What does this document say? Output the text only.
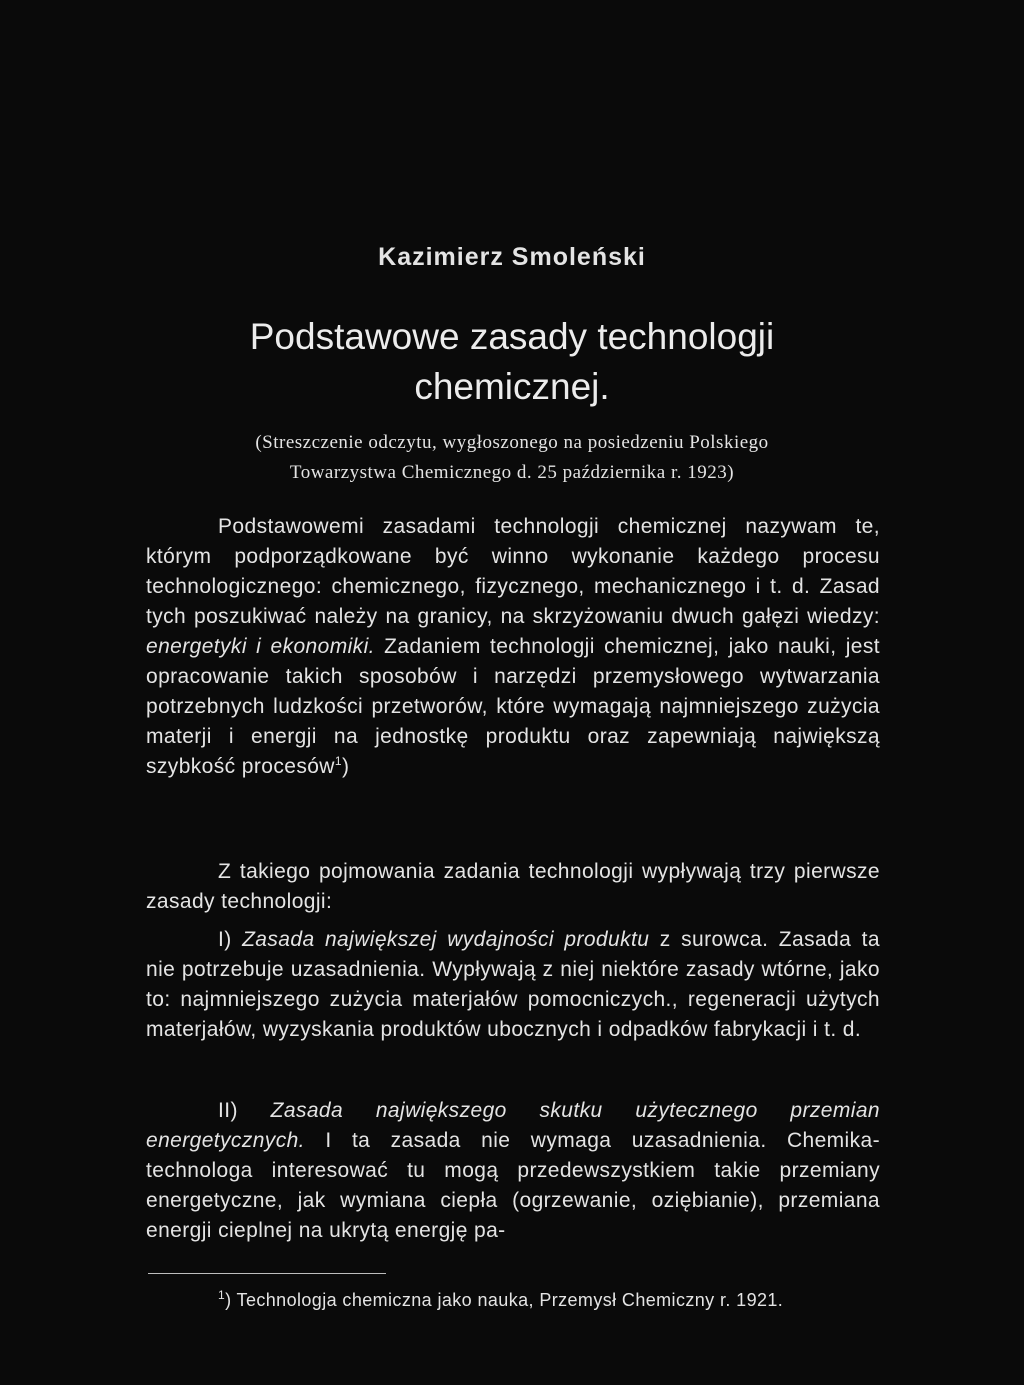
Kazimierz Smoleński
Podstawowe zasady technologji
chemicznej.
(Streszczenie odczytu, wygłoszonego na posiedzeniu Polskiego
Towarzystwa Chemicznego d. 25 października r. 1923)

Podstawowemi zasadami technologji chemicznej nazywam te, którym podporządkowane być winno wykonanie każdego procesu technologicznego: chemicznego, fizycznego, mechanicznego i t. d. Zasad tych poszukiwać należy na granicy, na skrzyżowaniu dwuch gałęzi wiedzy: energetyki i ekonomiki. Zadaniem technologji chemicznej, jako nauki, jest opracowanie takich sposobów i narzędzi przemysłowego wytwarzania potrzebnych ludzkości przetworów, które wymagają najmniejszego zużycia materji i energji na jednostkę produktu oraz zapewniają największą szybkość procesów$^1$)

Z takiego pojmowania zadania technologji wypływają trzy pierwsze zasady technologji:

I) Zasada największej wydajności produktu z surowca. Zasada ta nie potrzebuje uzasadnienia. Wypływają z niej niektóre zasady wtórne, jako to: najmniejszego zużycia materjałów pomocniczych., regeneracji użytych materjałów, wyzyskania produktów ubocznych i odpadków fabrykacji i t. d.

II) Zasada największego skutku użytecznego przemian energetycznych. I ta zasada nie wymaga uzasadnienia. Chemika-technologa interesować tu mogą przedewszystkiem takie przemiany energetyczne, jak wymiana ciepła (ogrzewanie, oziębianie), przemiana energji cieplnej na ukrytą energję pa-

$^1$) Technologja chemiczna jako nauka, Przemysł Chemiczny r. 1921.
